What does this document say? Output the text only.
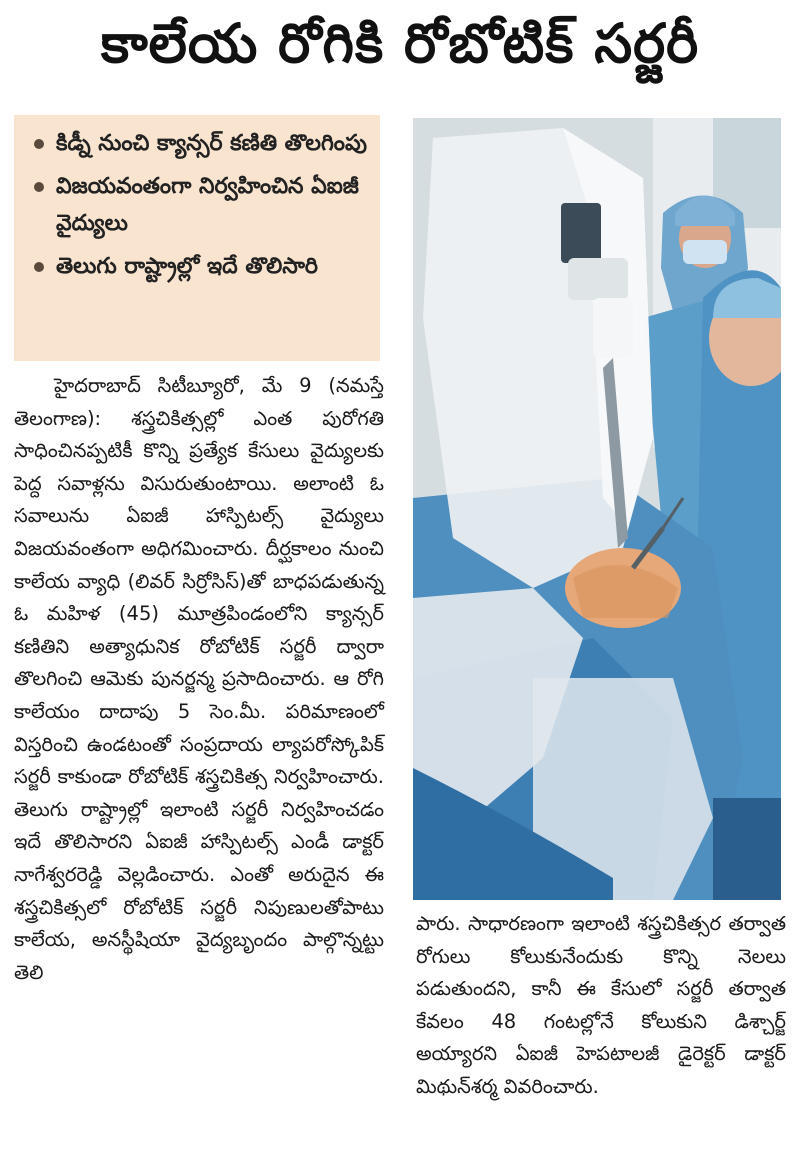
కాలేయ రోగికి రోబోటిక్ సర్జరీ
కిడ్నీ నుంచి క్యాన్సర్ కణితి తొలగింపు
విజయవంతంగా నిర్వహించిన ఏఐజీ వైద్యులు
తెలుగు రాష్ట్రాల్లో ఇదే తొలిసారి
హైదరాబాద్ సిటీబ్యూరో, మే 9 (నమస్తే తెలంగాణ): శస్త్రచికిత్సల్లో ఎంత పురోగతి సాధించినప్పటికీ కొన్ని ప్రత్యేక కేసులు వైద్యులకు పెద్ద సవాళ్లను విసురుతుంటాయి. అలాంటి ఓ సవాలును ఏఐజీ హాస్పిటల్స్ వైద్యులు విజయవంతంగా అధిగమించారు. దీర్ఘకాలం నుంచి కాలేయ వ్యాధి (లివర్ సిర్రోసిస్)తో బాధపడుతున్న ఓ మహిళ (45) మూత్రపిండంలోని క్యాన్సర్ కణితిని అత్యాధునిక రోబోటిక్ సర్జరీ ద్వారా తొలగించి ఆమెకు పునర్జన్మ ప్రసాదించారు. ఆ రోగి కాలేయం దాదాపు 5 సెం.మీ. పరిమాణంలో విస్తరించి ఉండటంతో సంప్రదాయ ల్యాపరోస్కోపిక్ సర్జరీ కాకుండా రోబోటిక్ శస్త్రచికిత్స నిర్వహించారు. తెలుగు రాష్ట్రాల్లో ఇలాంటి సర్జరీ నిర్వహించడం ఇదే తొలిసారని ఏఐజీ హాస్పిటల్స్ ఎండీ డాక్టర్ నాగేశ్వరరెడ్డి వెల్లడించారు. ఎంతో అరుదైన ఈ శస్త్రచికిత్సలో రోబోటిక్ సర్జరీ నిపుణులతోపాటు కాలేయ, అనస్థీషియా వైద్యబృందం పాల్గొన్నట్టు తెలి
పారు. సాధారణంగా ఇలాంటి శస్త్రచికిత్సర తర్వాత రోగులు కోలుకునేందుకు కొన్ని నెలలు పడుతుందని, కానీ ఈ కేసులో సర్జరీ తర్వాత కేవలం 48 గంటల్లోనే కోలుకుని డిశ్చార్జ్ అయ్యారని ఏఐజీ హెపటాలజీ డైరెక్టర్ డాక్టర్ మిథున్‌శర్మ వివరించారు.
